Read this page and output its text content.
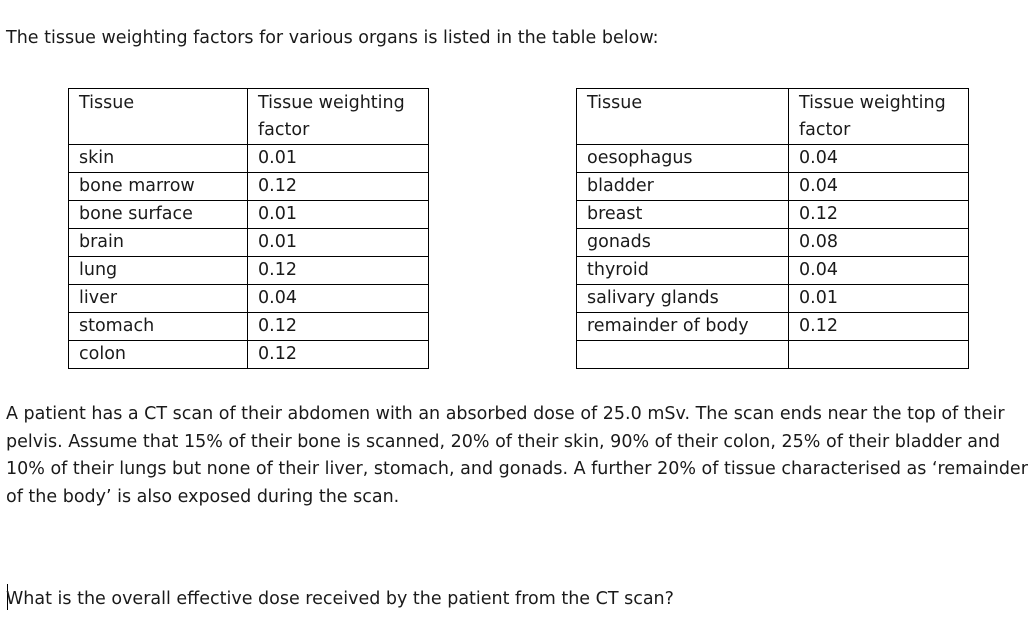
The tissue weighting factors for various organs is listed in the table below:
Tissue	Tissue weighting factor
skin	0.01
bone marrow	0.12
bone surface	0.01
brain	0.01
lung	0.12
liver	0.04
stomach	0.12
colon	0.12
Tissue	Tissue weighting factor
oesophagus	0.04
bladder	0.04
breast	0.12
gonads	0.08
thyroid	0.04
salivary glands	0.01
remainder of body	0.12

A patient has a CT scan of their abdomen with an absorbed dose of 25.0 mSv. The scan ends near the top of their pelvis. Assume that 15% of their bone is scanned, 20% of their skin, 90% of their colon, 25% of their bladder and 10% of their lungs but none of their liver, stomach, and gonads. A further 20% of tissue characterised as ‘remainder of the body’ is also exposed during the scan.

What is the overall effective dose received by the patient from the CT scan?
